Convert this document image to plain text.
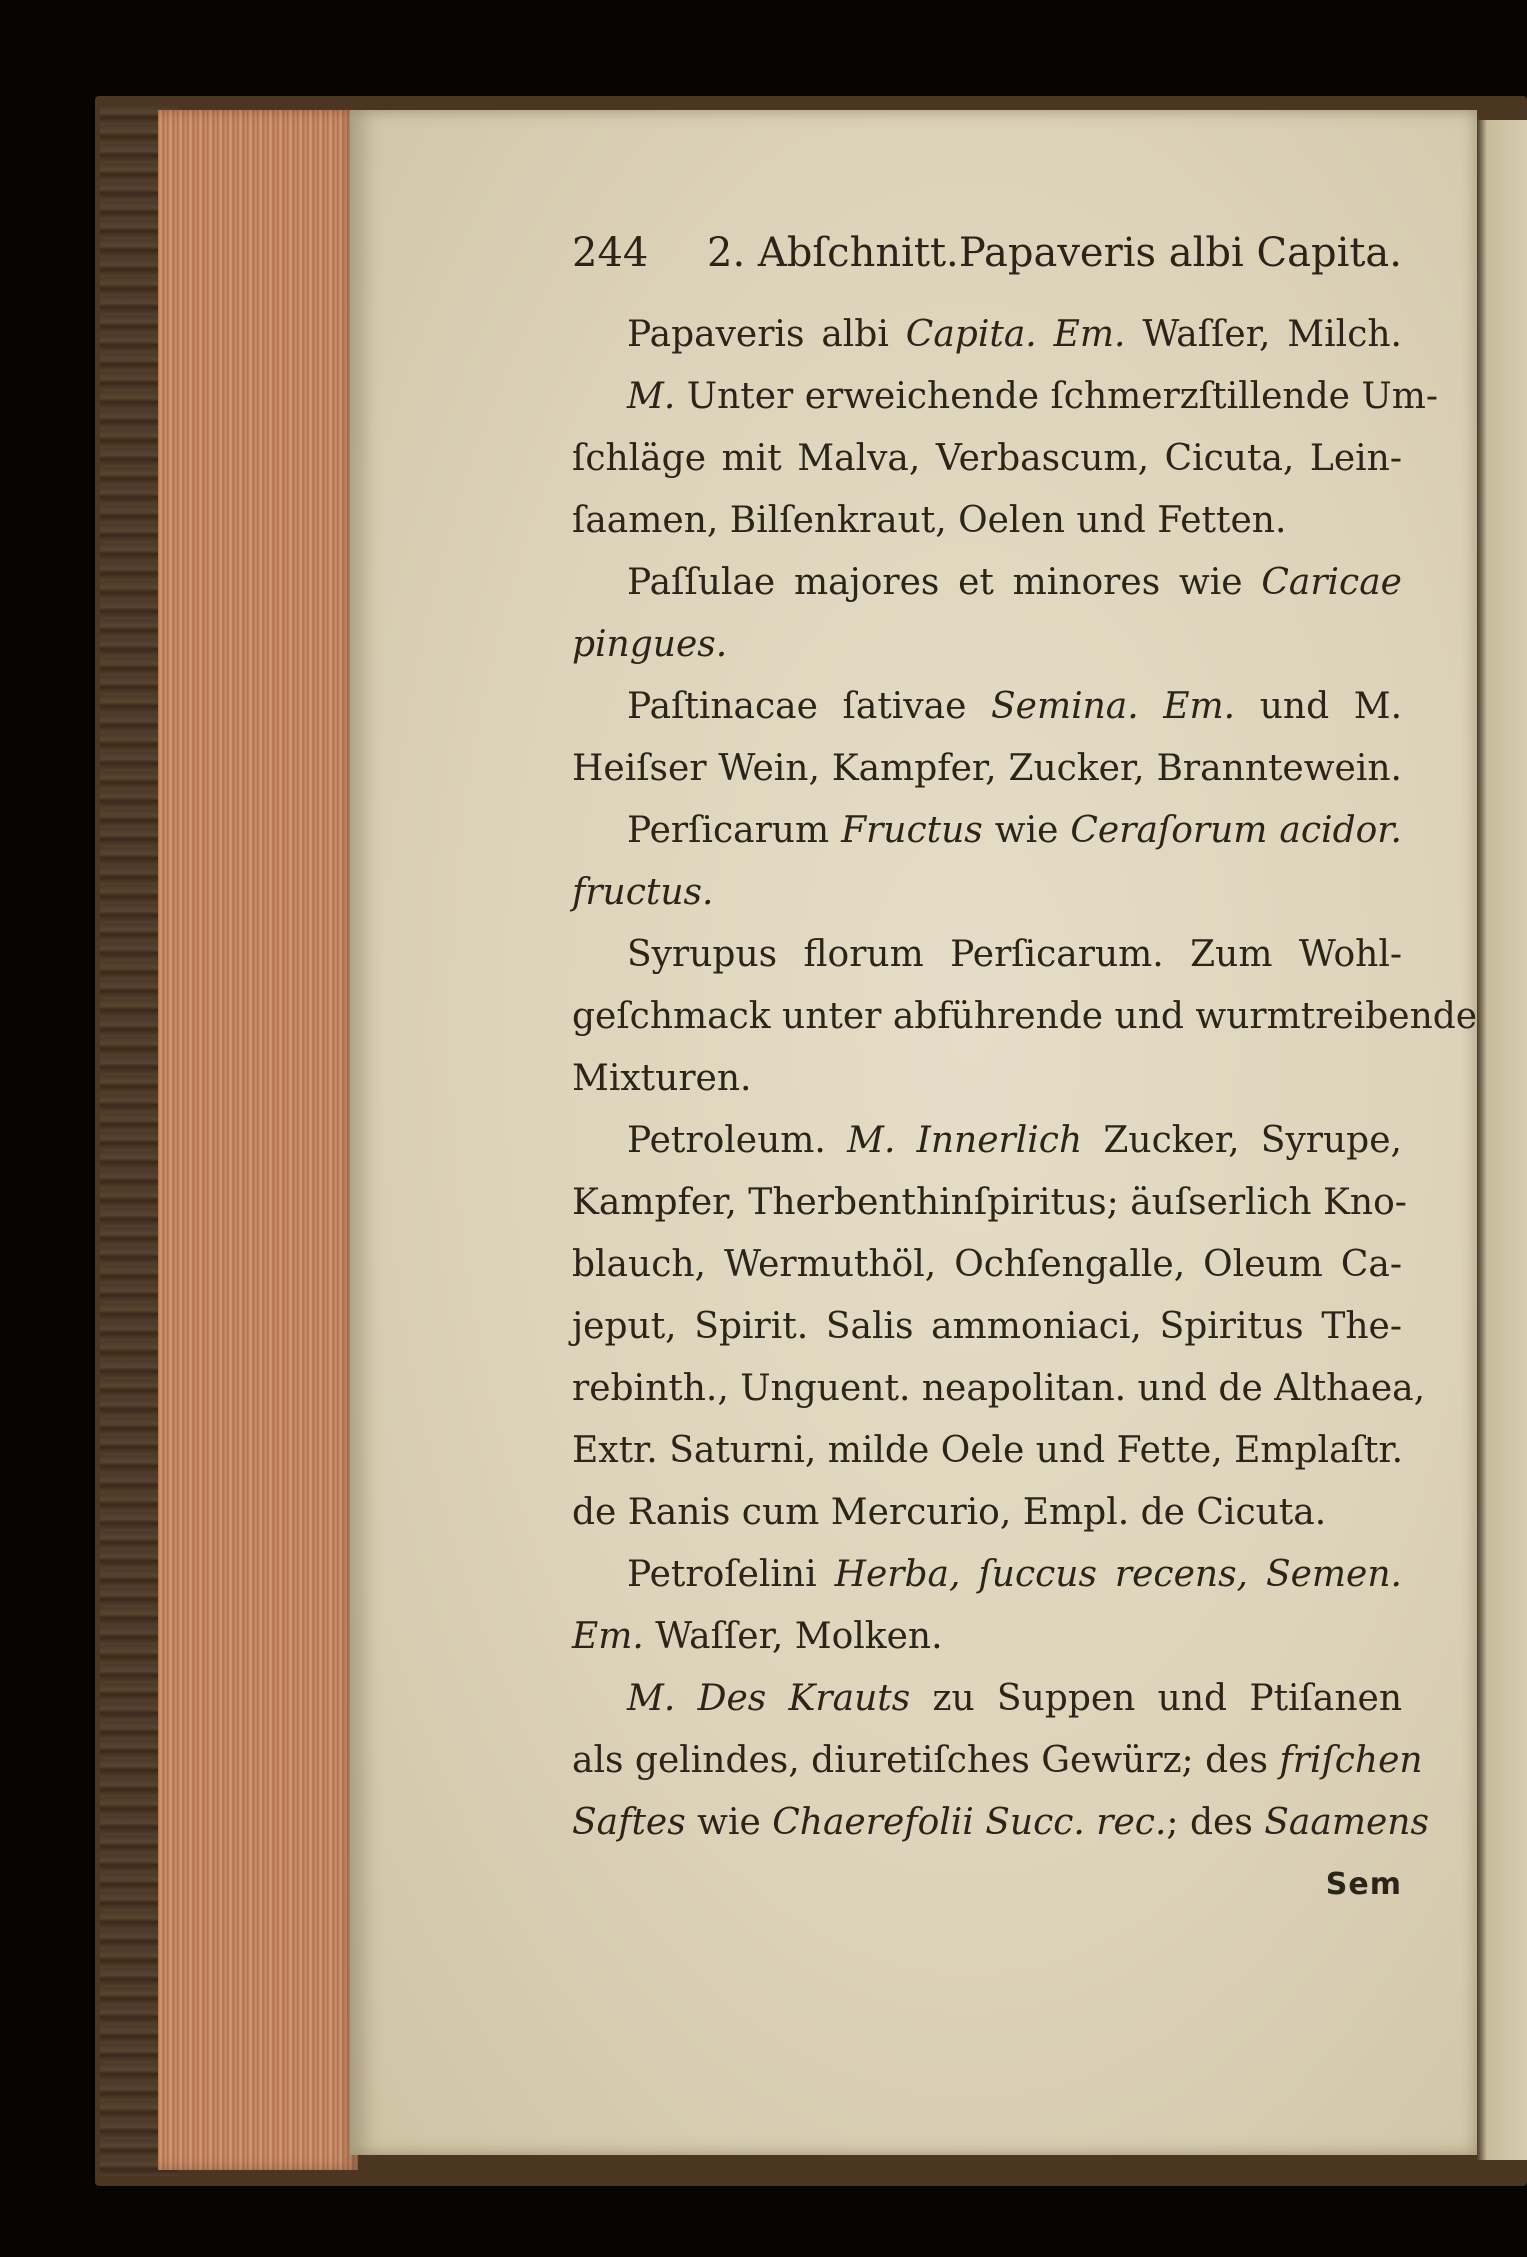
244 2. Abſchnitt. Papaveris albi Capita.
Papaveris albi Capita. Em. Waſſer, Milch.
M. Unter erweichende ſchmerzſtillende Um-
ſchläge mit Malva, Verbascum, Cicuta, Lein-
ſaamen, Bilſenkraut, Oelen und Fetten.
Paſſulae majores et minores wie Caricae
pingues.
Paſtinacae ſativae Semina. Em. und M.
Heiſser Wein, Kampfer, Zucker, Branntewein.
Perſicarum Fructus wie Ceraſorum acidor.
fructus.
Syrupus florum Perſicarum. Zum Wohl-
geſchmack unter abführende und wurmtreibende
Mixturen.
Petroleum. M. Innerlich Zucker, Syrupe,
Kampfer, Therbenthinſpiritus; äuſserlich Kno-
blauch, Wermuthöl, Ochſengalle, Oleum Ca-
jeput, Spirit. Salis ammoniaci, Spiritus The-
rebinth., Unguent. neapolitan. und de Althaea,
Extr. Saturni, milde Oele und Fette, Emplaſtr.
de Ranis cum Mercurio, Empl. de Cicuta.
Petroſelini Herba, ſuccus recens, Semen.
Em. Waſſer, Molken.
M. Des Krauts zu Suppen und Ptiſanen
als gelindes, diuretiſches Gewürz; des friſchen
Saftes wie Chaerefolii Succ. rec.; des Saamens
Sem
